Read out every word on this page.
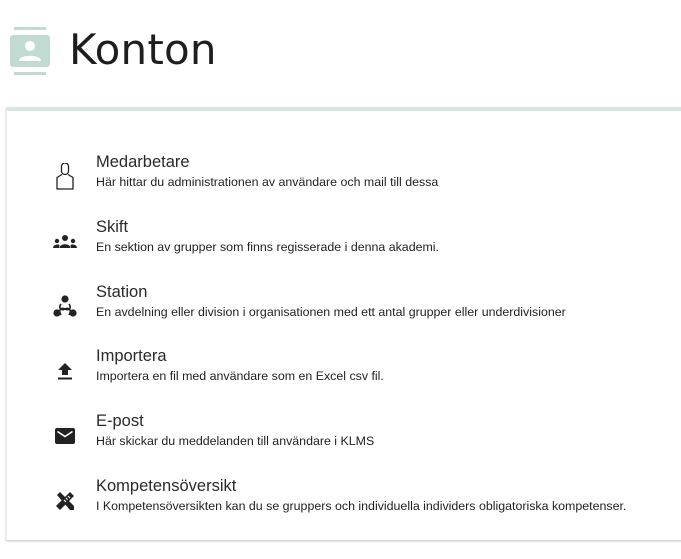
Konton
Medarbetare
Här hittar du administrationen av användare och mail till dessa
Skift
En sektion av grupper som finns regisserade i denna akademi.
Station
En avdelning eller division i organisationen med ett antal grupper eller underdivisioner
Importera
Importera en fil med användare som en Excel csv fil.
E-post
Här skickar du meddelanden till användare i KLMS
Kompetensöversikt
I Kompetensöversikten kan du se gruppers och individuella individers obligatoriska kompetenser.
